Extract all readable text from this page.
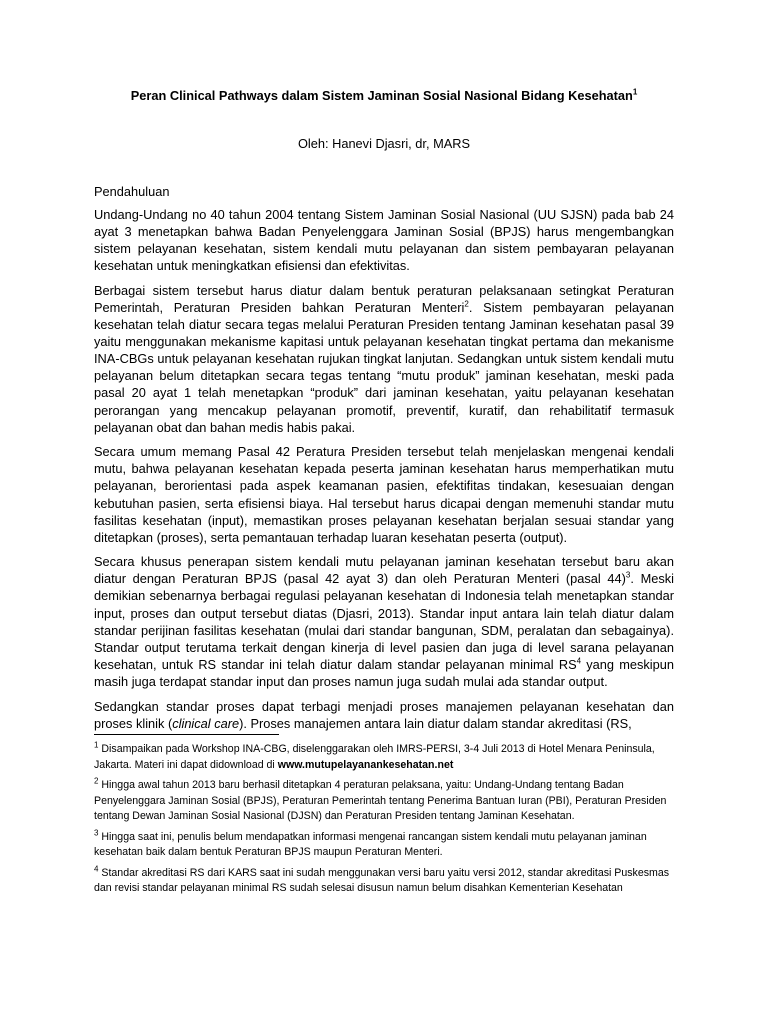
Peran Clinical Pathways dalam Sistem Jaminan Sosial Nasional Bidang Kesehatan$^1$
Oleh: Hanevi Djasri, dr, MARS
Pendahuluan

Undang-Undang no 40 tahun 2004 tentang Sistem Jaminan Sosial Nasional (UU SJSN) pada bab 24 ayat 3 menetapkan bahwa Badan Penyelenggara Jaminan Sosial (BPJS) harus mengembangkan sistem pelayanan kesehatan, sistem kendali mutu pelayanan dan sistem pembayaran pelayanan kesehatan untuk meningkatkan efisiensi dan efektivitas.

Berbagai sistem tersebut harus diatur dalam bentuk peraturan pelaksanaan setingkat Peraturan Pemerintah, Peraturan Presiden bahkan Peraturan Menteri$^2$. Sistem pembayaran pelayanan kesehatan telah diatur secara tegas melalui Peraturan Presiden tentang Jaminan kesehatan pasal 39 yaitu menggunakan mekanisme kapitasi untuk pelayanan kesehatan tingkat pertama dan mekanisme INA-CBGs untuk pelayanan kesehatan rujukan tingkat lanjutan. Sedangkan untuk sistem kendali mutu pelayanan belum ditetapkan secara tegas tentang “mutu produk” jaminan kesehatan, meski pada pasal 20 ayat 1 telah menetapkan “produk” dari jaminan kesehatan, yaitu pelayanan kesehatan perorangan yang mencakup pelayanan promotif, preventif, kuratif, dan rehabilitatif termasuk pelayanan obat dan bahan medis habis pakai.

Secara umum memang Pasal 42 Peratura Presiden tersebut telah menjelaskan mengenai kendali mutu, bahwa pelayanan kesehatan kepada peserta jaminan kesehatan harus memperhatikan mutu pelayanan, berorientasi pada aspek keamanan pasien, efektifitas tindakan, kesesuaian dengan kebutuhan pasien, serta efisiensi biaya. Hal tersebut harus dicapai dengan memenuhi standar mutu fasilitas kesehatan (input), memastikan proses pelayanan kesehatan berjalan sesuai standar yang ditetapkan (proses), serta pemantauan terhadap luaran kesehatan peserta (output).

Secara khusus penerapan sistem kendali mutu pelayanan jaminan kesehatan tersebut baru akan diatur dengan Peraturan BPJS (pasal 42 ayat 3) dan oleh Peraturan Menteri (pasal 44)$^3$. Meski demikian sebenarnya berbagai regulasi pelayanan kesehatan di Indonesia telah menetapkan standar input, proses dan output tersebut diatas (Djasri, 2013). Standar input antara lain telah diatur dalam standar perijinan fasilitas kesehatan (mulai dari standar bangunan, SDM, peralatan dan sebagainya). Standar output terutama terkait dengan kinerja di level pasien dan juga di level sarana pelayanan kesehatan, untuk RS standar ini telah diatur dalam standar pelayanan minimal $RS^4$ yang meskipun masih juga terdapat standar input dan proses namun juga sudah mulai ada standar output.

Sedangkan standar proses dapat terbagi menjadi proses manajemen pelayanan kesehatan dan proses klinik (clinical care). Proses manajemen antara lain diatur dalam standar akreditasi (RS,

$^1$ Disampaikan pada Workshop INA-CBG, diselenggarakan oleh IMRS-PERSI, 3-4 Juli 2013 di Hotel Menara Peninsula, Jakarta. Materi ini dapat didownload di www.mutupelayanankesehatan.net

$^2$ Hingga awal tahun 2013 baru berhasil ditetapkan 4 peraturan pelaksana, yaitu: Undang-Undang tentang Badan Penyelenggara Jaminan Sosial (BPJS), Peraturan Pemerintah tentang Penerima Bantuan Iuran (PBI), Peraturan Presiden tentang Dewan Jaminan Sosial Nasional (DJSN) dan Peraturan Presiden tentang Jaminan Kesehatan.

$^3$ Hingga saat ini, penulis belum mendapatkan informasi mengenai rancangan sistem kendali mutu pelayanan jaminan kesehatan baik dalam bentuk Peraturan BPJS maupun Peraturan Menteri.

$^4$ Standar akreditasi RS dari KARS saat ini sudah menggunakan versi baru yaitu versi 2012, standar akreditasi Puskesmas dan revisi standar pelayanan minimal RS sudah selesai disusun namun belum disahkan Kementerian Kesehatan
